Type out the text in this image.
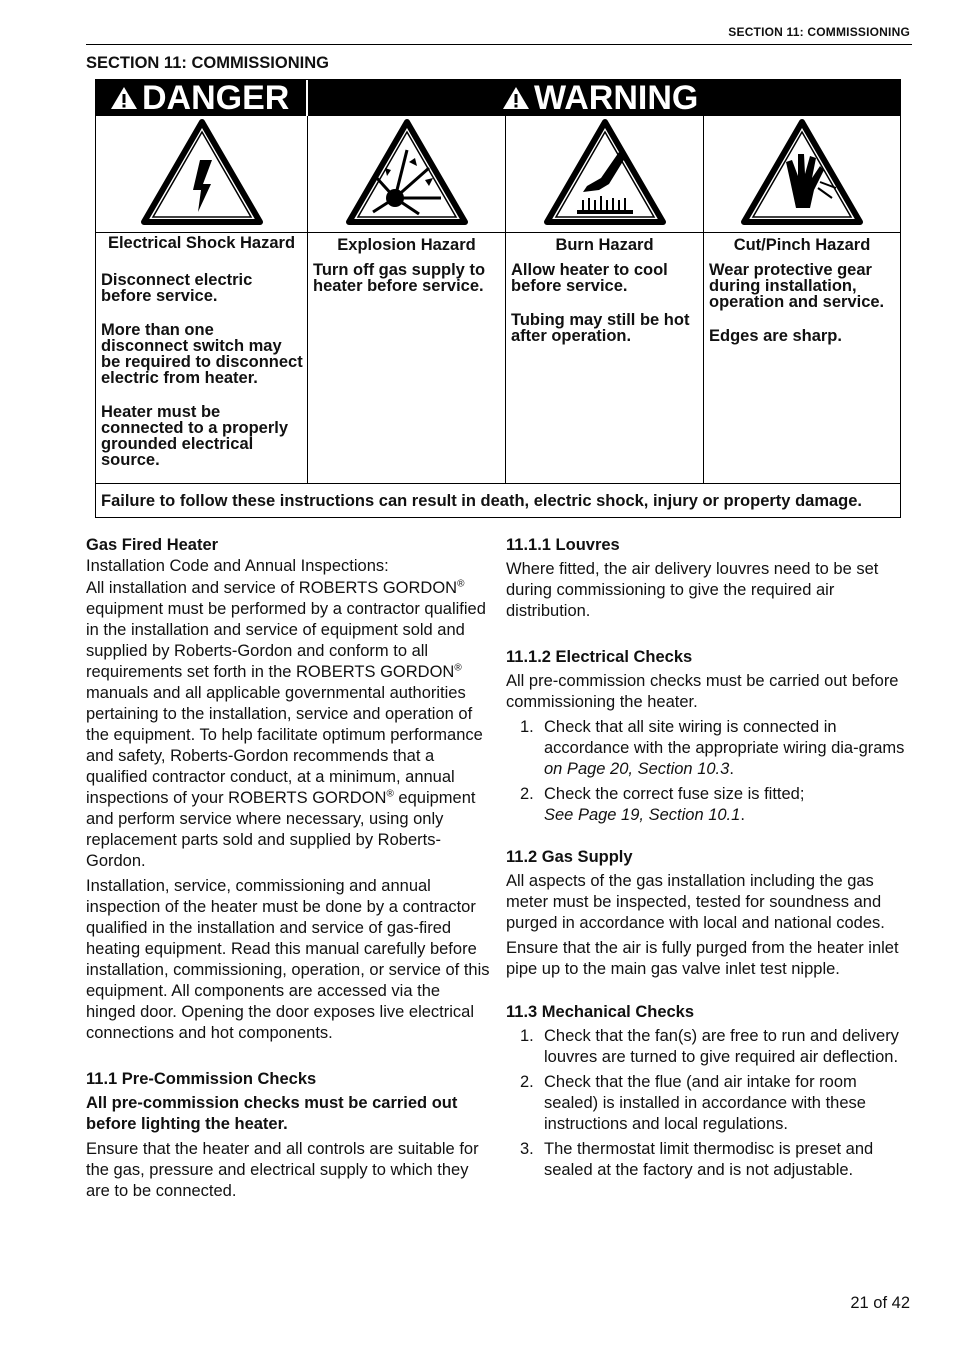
SECTION 11: COMMISSIONING
SECTION 11: COMMISSIONING
DANGER	WARNING
Electrical Shock Hazard

Disconnect electric before service.

More than one disconnect switch may be required to disconnect electric from heater.

Heater must be connected to a properly grounded electrical source.

Explosion Hazard

Turn off gas supply to heater before service.

Burn Hazard

Allow heater to cool before service.

Tubing may still be hot after operation.

Cut/Pinch Hazard

Wear protective gear during installation, operation and service.

Edges are sharp.

Failure to follow these instructions can result in death, electric shock, injury or property damage.
Gas Fired Heater
Installation Code and Annual Inspections:

All installation and service of ROBERTS GORDON® equipment must be performed by a contractor qualified in the installation and service of equipment sold and supplied by Roberts-Gordon and conform to all requirements set forth in the ROBERTS GORDON® manuals and all applicable governmental authorities pertaining to the installation, service and operation of the equipment. To help facilitate optimum performance and safety, Roberts-Gordon recommends that a qualified contractor conduct, at a minimum, annual inspections of your ROBERTS GORDON® equipment and perform service where necessary, using only replacement parts sold and supplied by Roberts-Gordon.

Installation, service, commissioning and annual inspection of the heater must be done by a contractor qualified in the installation and service of gas-fired heating equipment. Read this manual carefully before installation, commissioning, operation, or service of this equipment. All components are accessed via the hinged door. Opening the door exposes live electrical connections and hot components.

11.1 Pre-Commission Checks

All pre-commission checks must be carried out before lighting the heater.

Ensure that the heater and all controls are suitable for the gas, pressure and electrical supply to which they are to be connected.

11.1.1 Louvres

Where fitted, the air delivery louvres need to be set during commissioning to give the required air distribution.

11.1.2 Electrical Checks

All pre-commission checks must be carried out before commissioning the heater.

1. Check that all site wiring is connected in accordance with the appropriate wiring dia-grams on Page 20, Section 10.3.
2. Check the correct fuse size is fitted;
See Page 19, Section 10.1.
11.2 Gas Supply

All aspects of the gas installation including the gas meter must be inspected, tested for soundness and purged in accordance with local and national codes.

Ensure that the air is fully purged from the heater inlet pipe up to the main gas valve inlet test nipple.

11.3 Mechanical Checks
1. Check that the fan(s) are free to run and delivery louvres are turned to give required air deflection.
2. Check that the flue (and air intake for room sealed) is installed in accordance with these instructions and local regulations.
3. The thermostat limit thermodisc is preset and sealed at the factory and is not adjustable.
21 of 42
